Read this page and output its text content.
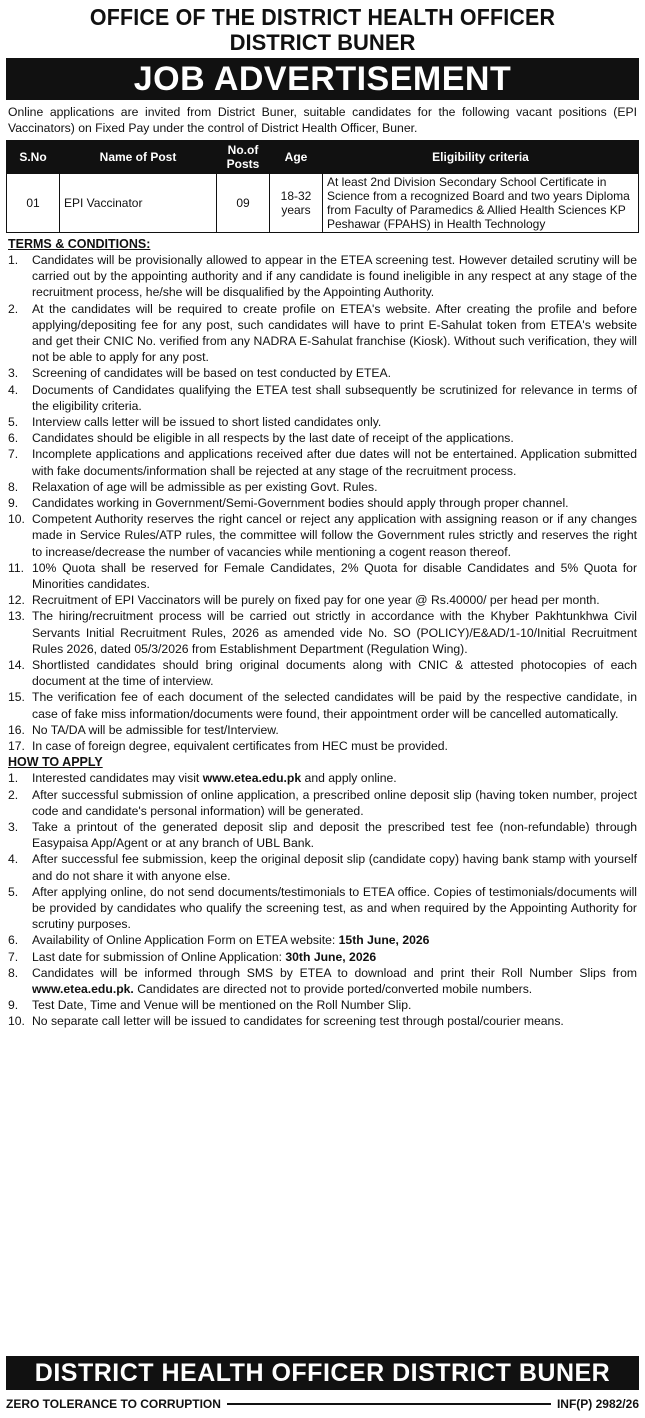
OFFICE OF THE DISTRICT HEALTH OFFICER
DISTRICT BUNER
JOB ADVERTISEMENT
Online applications are invited from District Buner, suitable candidates for the following vacant positions (EPI Vaccinators) on Fixed Pay under the control of District Health Officer, Buner.
S.No	Name of Post	No.of Posts	Age	Eligibility criteria
01	EPI Vaccinator	09	18-32 years	At least 2nd Division Secondary School Certificate in Science from a recognized Board and two years Diploma from Faculty of Paramedics & Allied Health Sciences KP Peshawar (FPAHS) in Health Technology
TERMS & CONDITIONS:
1.	Candidates will be provisionally allowed to appear in the ETEA screening test. However detailed scrutiny will be carried out by the appointing authority and if any candidate is found ineligible in any respect at any stage of the recruitment process, he/she will be disqualified by the Appointing Authority.
2.	At the candidates will be required to create profile on ETEA's website. After creating the profile and before applying/depositing fee for any post, such candidates will have to print E-Sahulat token from ETEA's website and get their CNIC No. verified from any NADRA E-Sahulat franchise (Kiosk). Without such verification, they will not be able to apply for any post.
3.	Screening of candidates will be based on test conducted by ETEA.
4.	Documents of Candidates qualifying the ETEA test shall subsequently be scrutinized for relevance in terms of the eligibility criteria.
5.	Interview calls letter will be issued to short listed candidates only.
6.	Candidates should be eligible in all respects by the last date of receipt of the applications.
7.	Incomplete applications and applications received after due dates will not be entertained. Application submitted with fake documents/information shall be rejected at any stage of the recruitment process.
8.	Relaxation of age will be admissible as per existing Govt. Rules.
9.	Candidates working in Government/Semi-Government bodies should apply through proper channel.
10. Competent Authority reserves the right cancel or reject any application with assigning reason or if any changes made in Service Rules/ATP rules, the committee will follow the Government rules strictly and reserves the right to increase/decrease the number of vacancies while mentioning a cogent reason thereof.
11. 10% Quota shall be reserved for Female Candidates, 2% Quota for disable Candidates and 5% Quota for Minorities candidates.
12. Recruitment of EPI Vaccinators will be purely on fixed pay for one year @ Rs.40000/ per head per month.
13. The hiring/recruitment process will be carried out strictly in accordance with the Khyber Pakhtunkhwa Civil Servants Initial Recruitment Rules, 2026 as amended vide No. SO (POLICY)/E&AD/1-10/Initial Recruitment Rules 2026, dated 05/3/2026 from Establishment Department (Regulation Wing).
14. Shortlisted candidates should bring original documents along with CNIC & attested photocopies of each document at the time of interview.
15. The verification fee of each document of the selected candidates will be paid by the respective candidate, in case of fake miss information/documents were found, their appointment order will be cancelled automatically.
16. No TA/DA will be admissible for test/Interview.
17. In case of foreign degree, equivalent certificates from HEC must be provided.
HOW TO APPLY
1.	Interested candidates may visit www.etea.edu.pk and apply online.
2.	After successful submission of online application, a prescribed online deposit slip (having token number, project code and candidate's personal information) will be generated.
3.	Take a printout of the generated deposit slip and deposit the prescribed test fee (non-refundable) through Easypaisa App/Agent or at any branch of UBL Bank.
4.	After successful fee submission, keep the original deposit slip (candidate copy) having bank stamp with yourself and do not share it with anyone else.
5.	After applying online, do not send documents/testimonials to ETEA office. Copies of testimonials/documents will be provided by candidates who qualify the screening test, as and when required by the Appointing Authority for scrutiny purposes.
6.	Availability of Online Application Form on ETEA website: 15th June, 2026
7.	Last date for submission of Online Application: 30th June, 2026
8.	Candidates will be informed through SMS by ETEA to download and print their Roll Number Slips from www.etea.edu.pk. Candidates are directed not to provide ported/converted mobile numbers.
9.	Test Date, Time and Venue will be mentioned on the Roll Number Slip.
10. No separate call letter will be issued to candidates for screening test through postal/courier means.
DISTRICT HEALTH OFFICER DISTRICT BUNER
ZERO TOLERANCE TO CORRUPTION	INF(P) 2982/26
